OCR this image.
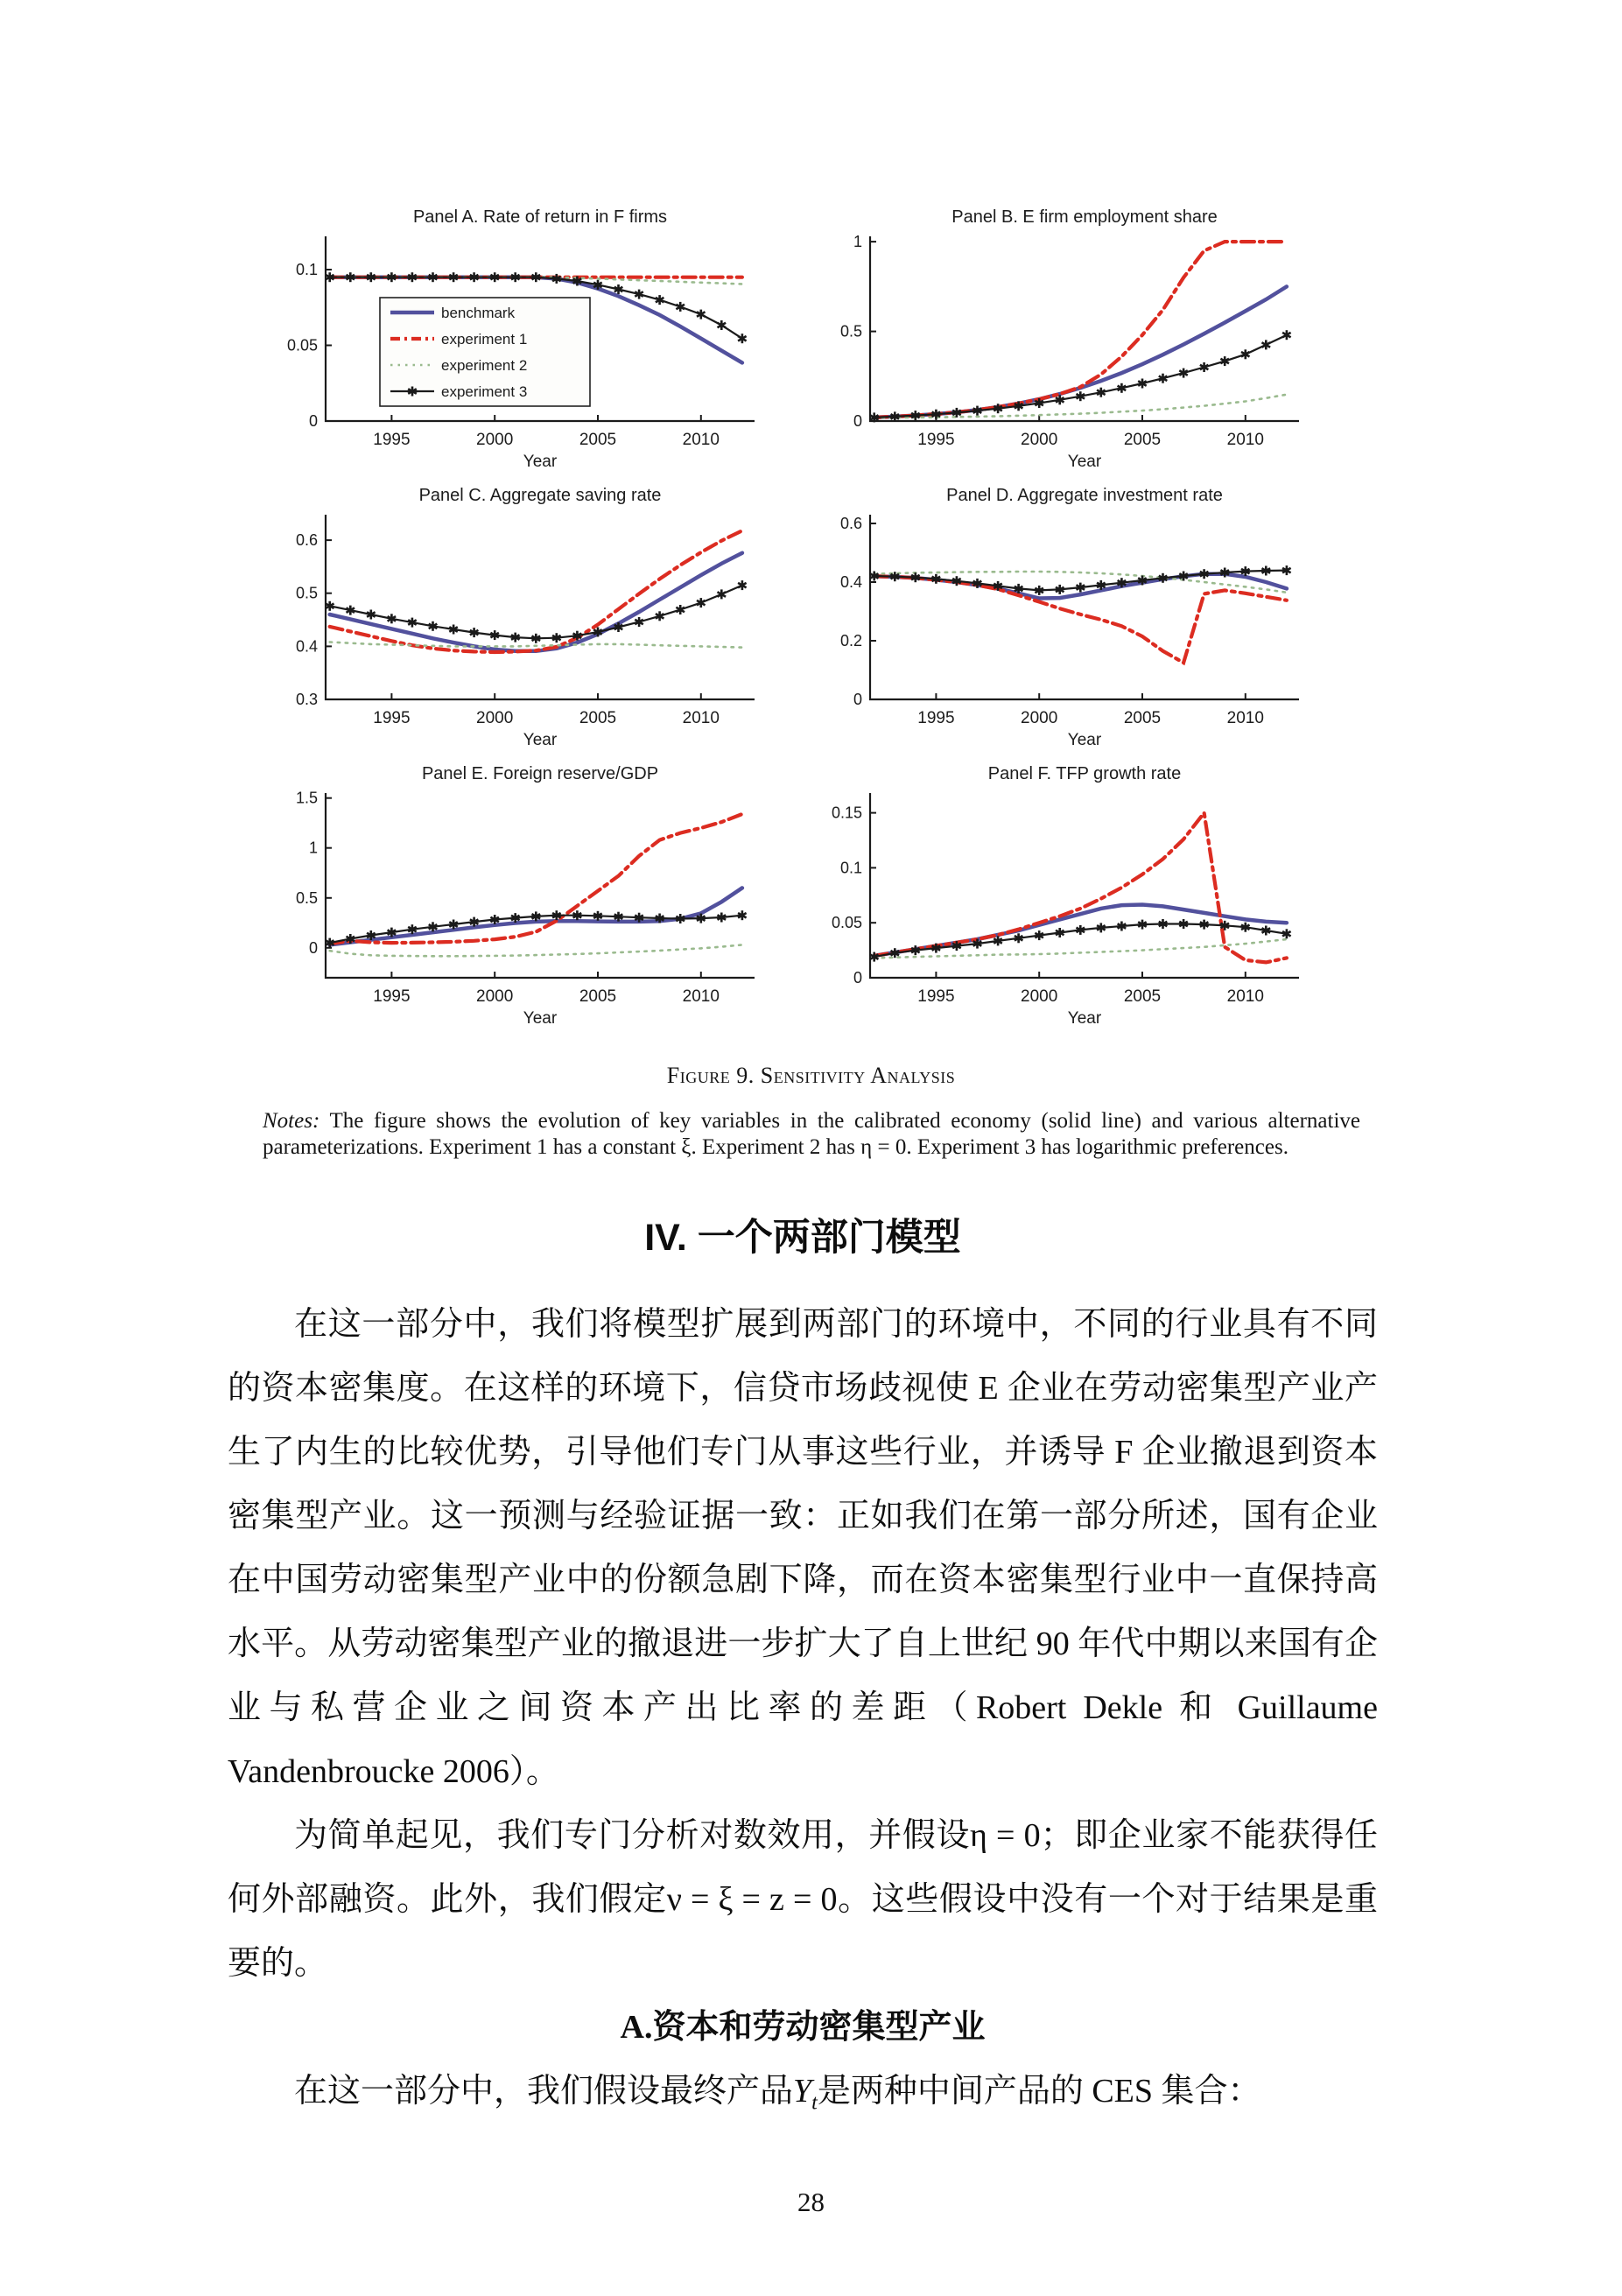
0
0.05
0.1
1995	2000	2005	2010
Year
Panel A. Rate of return in F firms
benchmark
experiment 1
experiment 2
experiment 3
0
0.5
1
1995	2000	2005	2010
Year
Panel B. E firm employment share
0.3
0.4
0.5
0.6
1995	2000	2005	2010
Year
Panel C. Aggregate saving rate
0
0.2
0.4
0.6
1995	2000	2005	2010
Year
Panel D. Aggregate investment rate
0
0.5
1
1.5
1995	2000	2005	2010
Year
Panel E. Foreign reserve/GDP
0
0.05
0.1
0.15
1995	2000	2005	2010
Year
Panel F. TFP growth rate
Figure 9. Sensitivity Analysis

Notes: The figure shows the evolution of key variables in the calibrated economy (solid line) and various alternative parameterizations. Experiment 1 has a constant ξ. Experiment 2 has η = 0. Experiment 3 has logarithmic preferences.

IV. 一个两部门模型

在这一部分中，我们将模型扩展到两部门的环境中，不同的行业具有不同的资本密集度。在这样的环境下，信贷市场歧视使 E 企业在劳动密集型产业产生了内生的比较优势，引导他们专门从事这些行业，并诱导 F 企业撤退到资本密集型产业。这一预测与经验证据一致：正如我们在第一部分所述，国有企业在中国劳动密集型产业中的份额急剧下降，而在资本密集型行业中一直保持高水平。从劳动密集型产业的撤退进一步扩大了自上世纪 90 年代中期以来国有企业与私营企业之间资本产出比率的差距（Robert Dekle 和 Guillaume Vandenbroucke 2006）。

为简单起见，我们专门分析对数效用，并假设η = 0；即企业家不能获得任何外部融资。此外，我们假定ν = ξ = z = 0。这些假设中没有一个对于结果是重要的。

A.资本和劳动密集型产业

在这一部分中，我们假设最终产品$Y_t$是两种中间产品的 CES 集合：

28
